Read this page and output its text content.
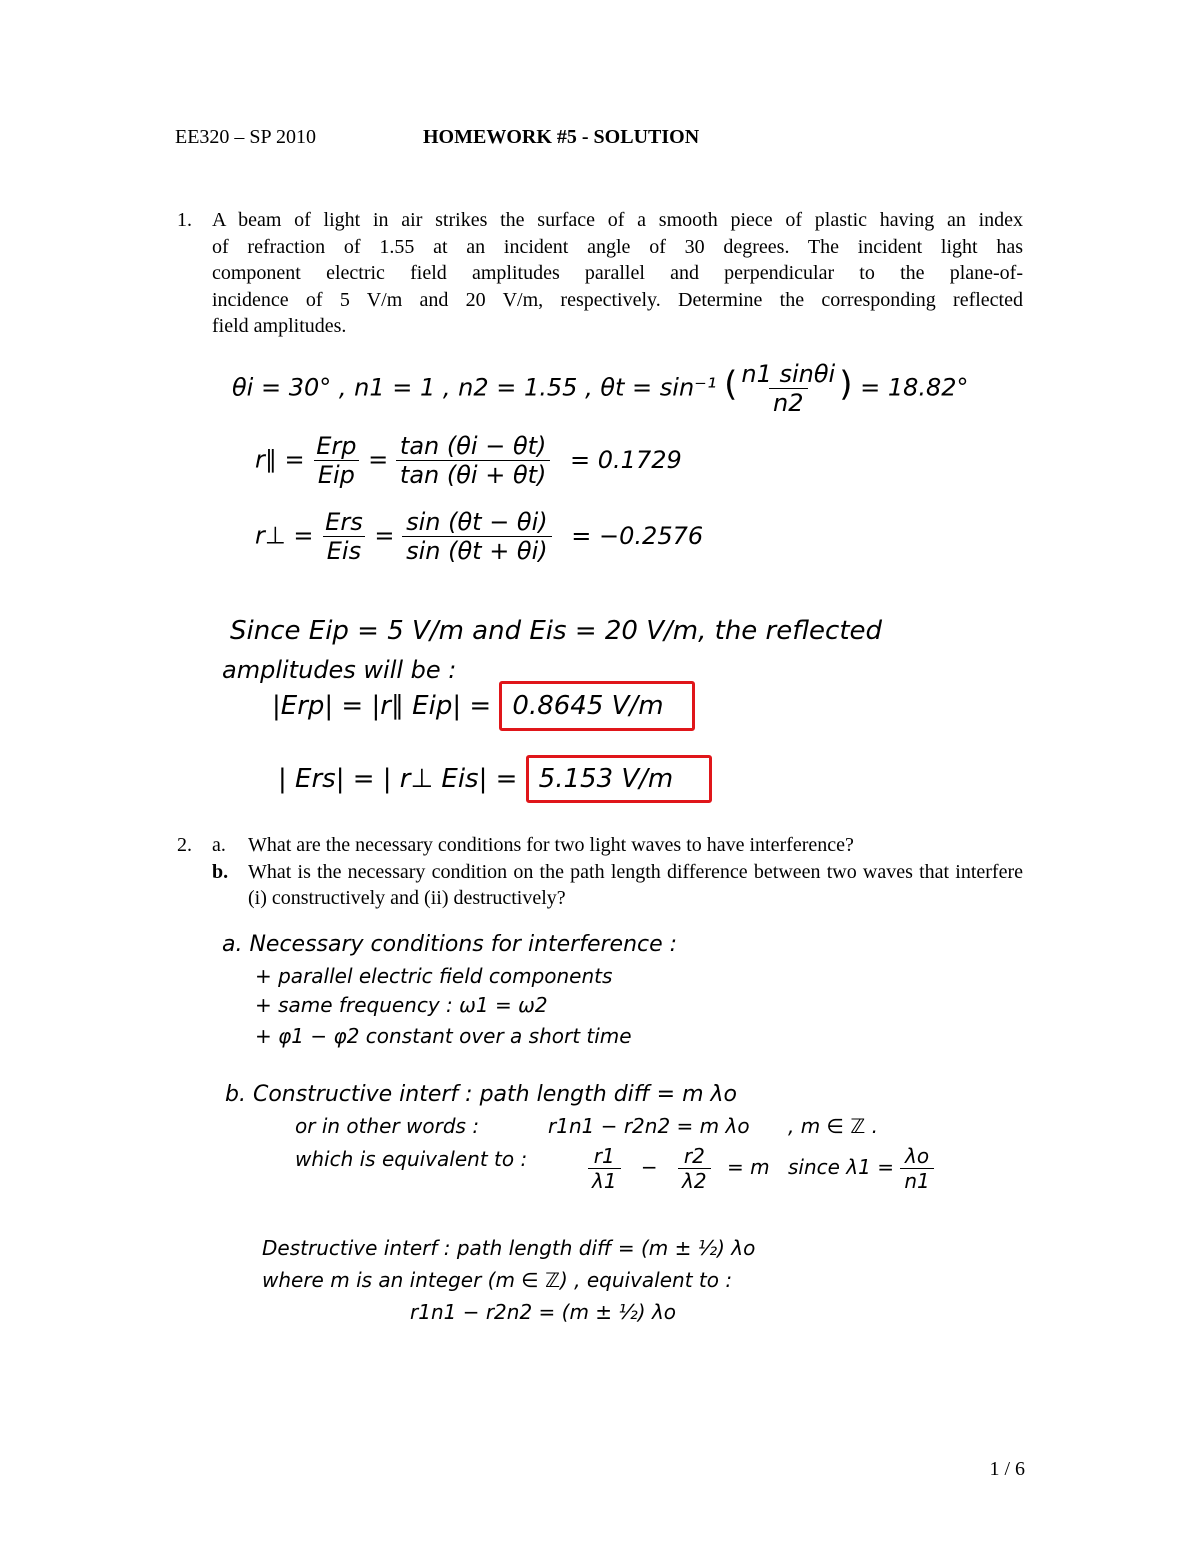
EE320 – SP 2010	HOMEWORK #5 - SOLUTION
1. A beam of light in air strikes the surface of a smooth piece of plastic having an index
of refraction of 1.55 at an incident angle of 30 degrees. The incident light has
component electric field amplitudes parallel and perpendicular to the plane-of-
incidence of 5 V/m and 20 V/m, respectively. Determine the corresponding reflected
field amplitudes.
θi = 30° , n1 = 1 , n2 = 1.55 , θt = sin⁻¹ ( $\frac{n1 \sin\theta i}{n2}$ ) = 18.82°
r∥ = $\frac{\text{Erp}}{\text{Eip}} = \frac{\tan (\theta i - \theta t)}{\tan (\theta i + \theta t)} = 0.1729$
r⊥ = $\frac{\text{Ers}}{\text{Eis}} = \frac{\sin (\theta t - \theta i)}{\sin (\theta t + \theta i)} = -0.2576$
Since Eip = 5 V/m and Eis = 20 V/m, the reflected
amplitudes will be :
|Erp| = |r∥ Eip| = 0.8645 V/m
| Ers| = | r⊥ Eis| = 5.153 V/m
2. a. What are the necessary conditions for two light waves to have interference?
b. What is the necessary condition on the path length difference between two waves that interfere (i) constructively and (ii) destructively?
a. Necessary conditions for interference :
+ parallel electric field components
+ same frequency : ω1 = ω2
+ φ1 − φ2 constant over a short time
b. Constructive interf : path length diff = m λo
or in other words :	r1n1 − r2n2 = m λo , m ∈ ℤ .
which is equivalent to :	$\frac{r1}{\lambda 1} - \frac{r2}{\lambda 2} = m$ since $\lambda 1 = \frac{\lambda o}{n1}$
Destructive interf : path length diff = (m ± ½) λo
where m is an integer (m ∈ ℤ) , equivalent to :
r1n1 − r2n2 = (m ± ½) λo
1 / 6
